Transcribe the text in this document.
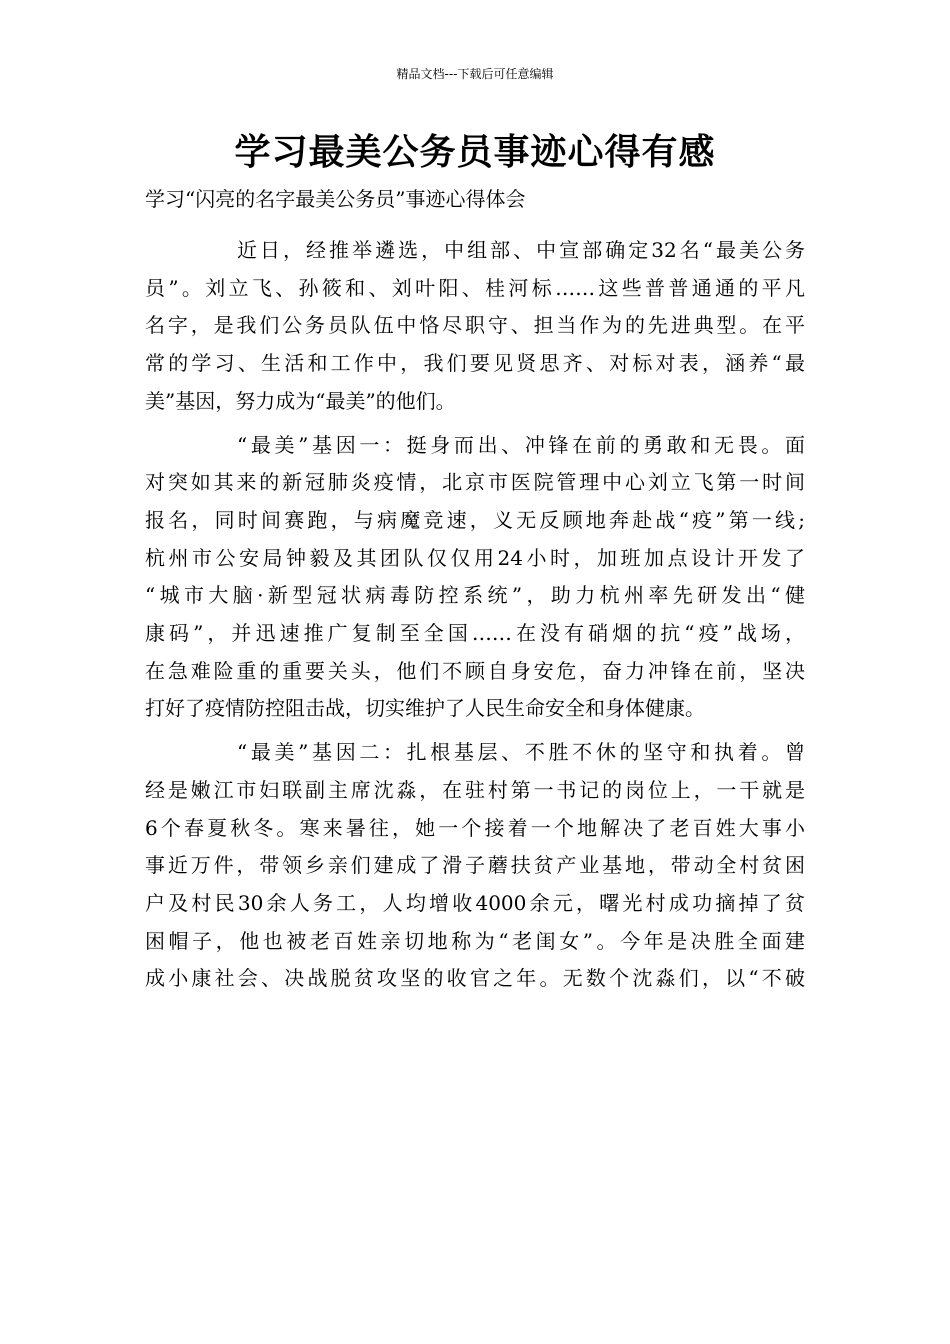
精品文档---下载后可任意编辑
学习最美公务员事迹心得有感

学习“闪亮的名字最美公务员”事迹心得体会

近日，经推举遴选，中组部、中宣部确定32名“最美公务
员”。刘立飞、孙筱和、刘叶阳、桂河标……这些普普通通的平凡
名字，是我们公务员队伍中恪尽职守、担当作为的先进典型。在平
常的学习、生活和工作中，我们要见贤思齐、对标对表，涵养“最
美”基因，努力成为“最美”的他们。

“最美”基因一：挺身而出、冲锋在前的勇敢和无畏。面
对突如其来的新冠肺炎疫情，北京市医院管理中心刘立飞第一时间
报名，同时间赛跑，与病魔竞速，义无反顾地奔赴战“疫”第一线;
杭州市公安局钟毅及其团队仅仅用24小时，加班加点设计开发了
“城市大脑·新型冠状病毒防控系统”，助力杭州率先研发出“健
康码”，并迅速推广复制至全国……在没有硝烟的抗“疫”战场，
在急难险重的重要关头，他们不顾自身安危，奋力冲锋在前，坚决
打好了疫情防控阻击战，切实维护了人民生命安全和身体健康。

“最美”基因二：扎根基层、不胜不休的坚守和执着。曾
经是嫩江市妇联副主席沈淼，在驻村第一书记的岗位上，一干就是
6个春夏秋冬。寒来暑往，她一个接着一个地解决了老百姓大事小
事近万件，带领乡亲们建成了滑子蘑扶贫产业基地，带动全村贫困
户及村民30余人务工，人均增收4000余元，曙光村成功摘掉了贫
困帽子，他也被老百姓亲切地称为“老闺女”。今年是决胜全面建
成小康社会、决战脱贫攻坚的收官之年。无数个沈淼们，以“不破
